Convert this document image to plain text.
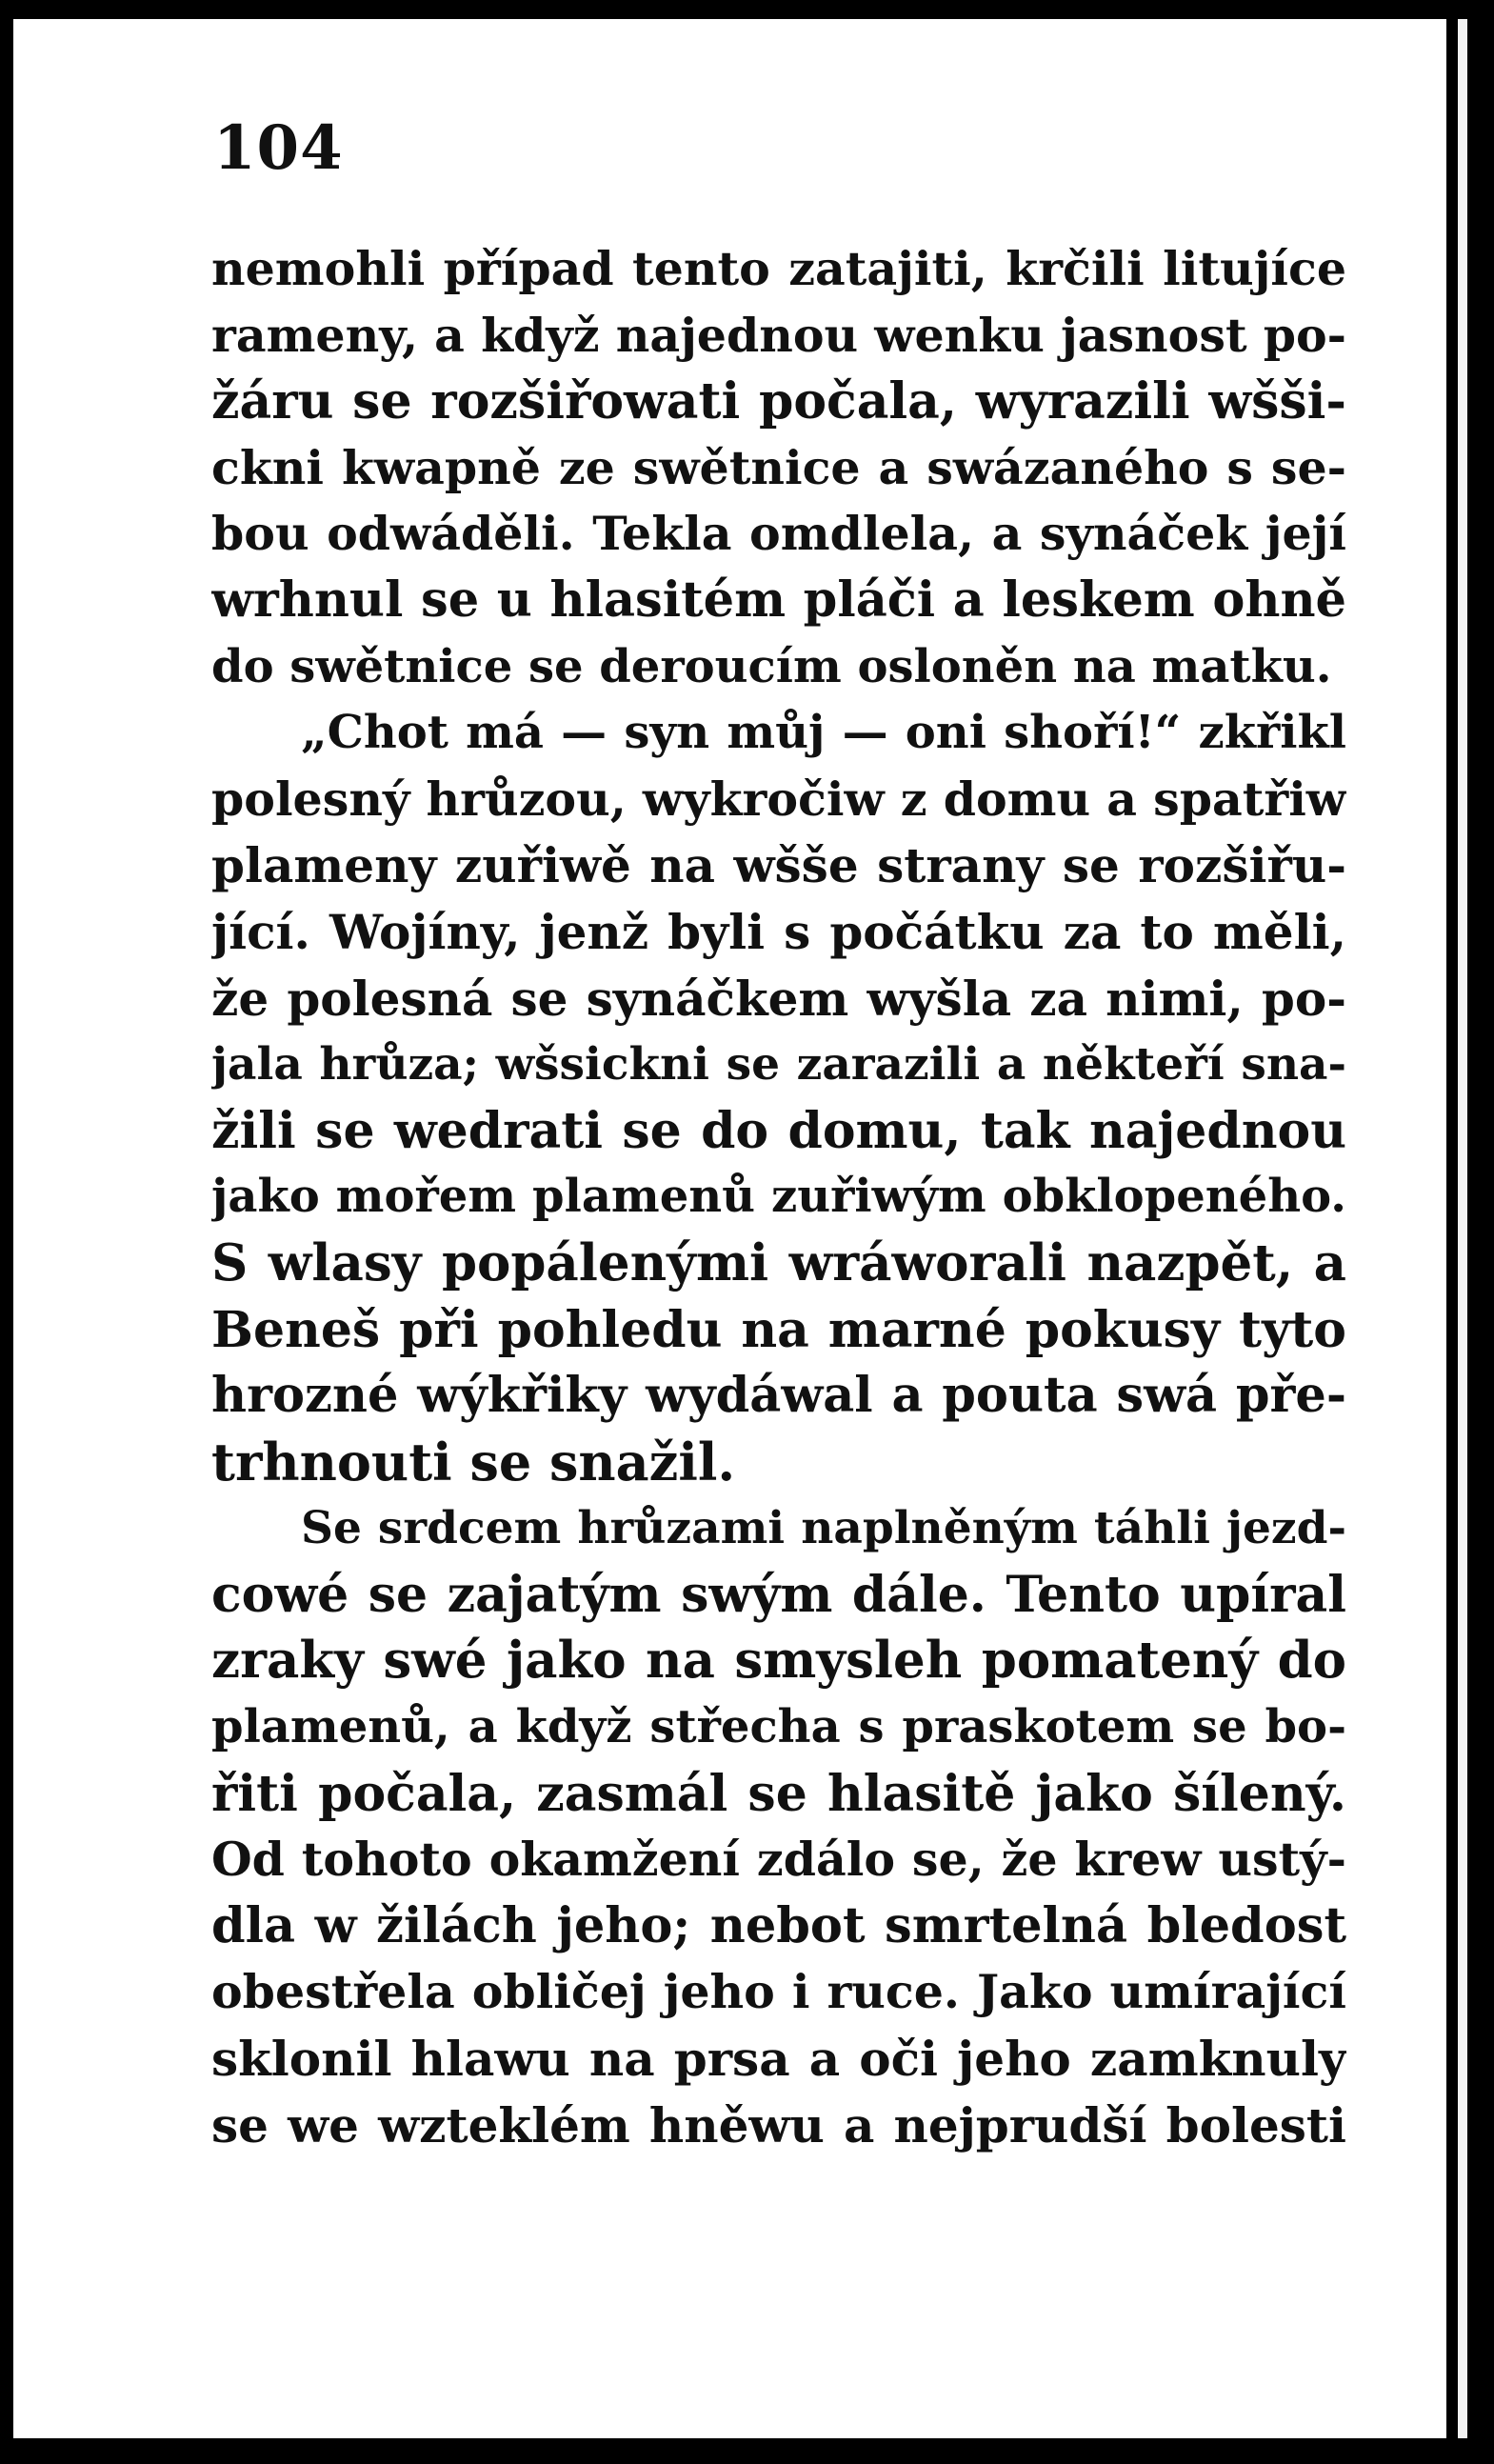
104
nemohli případ tento zatajiti, krčili litujíce
rameny, a když najednou wenku jasnost po-
žáru se rozšiřowati počala, wyrazili wšši-
ckni kwapně ze swětnice a swázaného s se-
bou odwáděli. Tekla omdlela, a synáček její
wrhnul se u hlasitém pláči a leskem ohně
do swětnice se deroucím osloněn na matku.
„Chot má — syn můj — oni shoří!“ zkřikl
polesný hrůzou, wykročiw z domu a spatřiw
plameny zuřiwě na wšše strany se rozšiřu-
jící. Wojíny, jenž byli s počátku za to měli,
že polesná se synáčkem wyšla za nimi, po-
jala hrůza; wšsickni se zarazili a někteří sna-
žili se wedrati se do domu, tak najednou
jako mořem plamenů zuřiwým obklopeného.
S wlasy popálenými wráworali nazpět, a
Beneš při pohledu na marné pokusy tyto
hrozné wýkřiky wydáwal a pouta swá pře-
trhnouti se snažil.
Se srdcem hrůzami naplněným táhli jezd-
cowé se zajatým swým dále. Tento upíral
zraky swé jako na smysleh pomatený do
plamenů, a když střecha s praskotem se bo-
řiti počala, zasmál se hlasitě jako šílený.
Od tohoto okamžení zdálo se, že krew ustý-
dla w žilách jeho; nebot smrtelná bledost
obestřela obličej jeho i ruce. Jako umírající
sklonil hlawu na prsa a oči jeho zamknuly
se we wzteklém hněwu a nejprudší bolesti
